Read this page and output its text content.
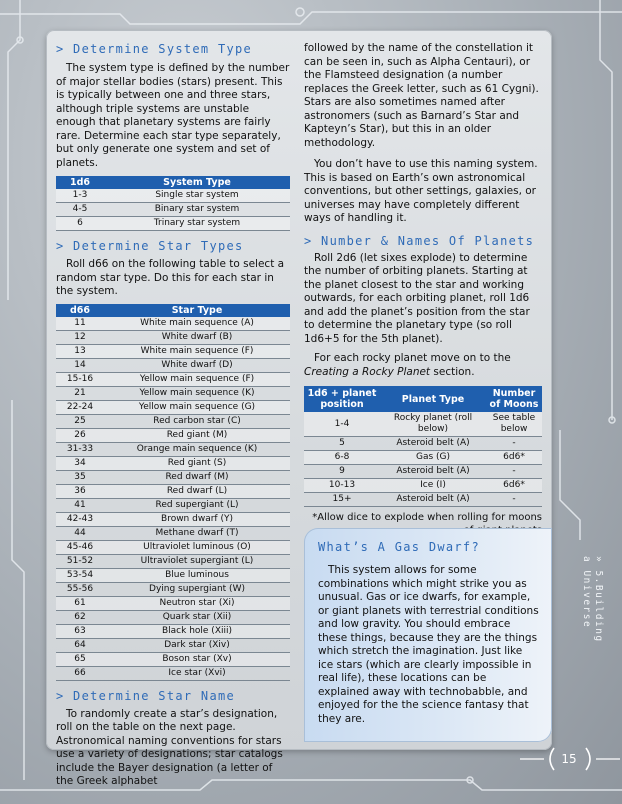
> Determine System Type

The system type is defined by the number of major stellar bodies (stars) present. This is typically between one and three stars, although triple systems are unstable enough that planetary systems are fairly rare. Determine each star type separately, but only generate one system and set of planets.

1d6	System Type
1-3	Single star system
4-5	Binary star system
6	Trinary star system
> Determine Star Types

Roll d66 on the following table to select a random star type. Do this for each star in the system.

d66	Star Type
11	White main sequence (A)
12	White dwarf (B)
13	White main sequence (F)
14	White dwarf (D)
15-16	Yellow main sequence (F)
21	Yellow main sequence (K)
22-24	Yellow main sequence (G)
25	Red carbon star (C)
26	Red giant (M)
31-33	Orange main sequence (K)
34	Red giant (S)
35	Red dwarf (M)
36	Red dwarf (L)
41	Red supergiant (L)
42-43	Brown dwarf (Y)
44	Methane dwarf (T)
45-46	Ultraviolet luminous (O)
51-52	Ultraviolet supergiant (L)
53-54	Blue luminous
55-56	Dying supergiant (W)
61	Neutron star (Xi)
62	Quark star (Xii)
63	Black hole (Xiii)
64	Dark star (Xiv)
65	Boson star (Xv)
66	Ice star (Xvi)
> Determine Star Name

To randomly create a star’s designation, roll on the table on the next page. Astronomical naming conventions for stars use a variety of designations; star catalogs include the Bayer designation (a letter of the Greek alphabet

followed by the name of the constellation it can be seen in, such as Alpha Centauri), or the Flamsteed designation (a number replaces the Greek letter, such as 61 Cygni). Stars are also sometimes named after astronomers (such as Barnard’s Star and Kapteyn’s Star), but this in an older methodology.

You don’t have to use this naming system. This is based on Earth’s own astronomical conventions, but other settings, galaxies, or universes may have completely different ways of handling it.

> Number & Names Of Planets

Roll 2d6 (let sixes explode) to determine the number of orbiting planets. Starting at the planet closest to the star and working outwards, for each orbiting planet, roll 1d6 and add the planet’s position from the star to determine the planetary type (so roll 1d6+5 for the 5th planet).

For each rocky planet move on to the Creating a Rocky Planet section.

1d6 + planet position	Planet Type	Number of Moons
1-4	Rocky planet (roll below)	See table below
5	Asteroid belt (A)	-
6-8	Gas (G)	6d6*
9	Asteroid belt (A)	-
10-13	Ice (I)	6d6*
15+	Asteroid belt (A)	-

*Allow dice to explode when rolling for moons

What’s A Gas Dwarf?

This system allows for some combinations which might strike you as unusual. Gas or ice dwarfs, for example, or giant planets with terrestrial conditions and low gravity. You should embrace these things, because they are the things which stretch the imagination. Just like ice stars (which are clearly impossible in real life), these locations can be explained away with technobabble, and enjoyed for the the science fantasy that they are.

» 5.Building a Universe
15
